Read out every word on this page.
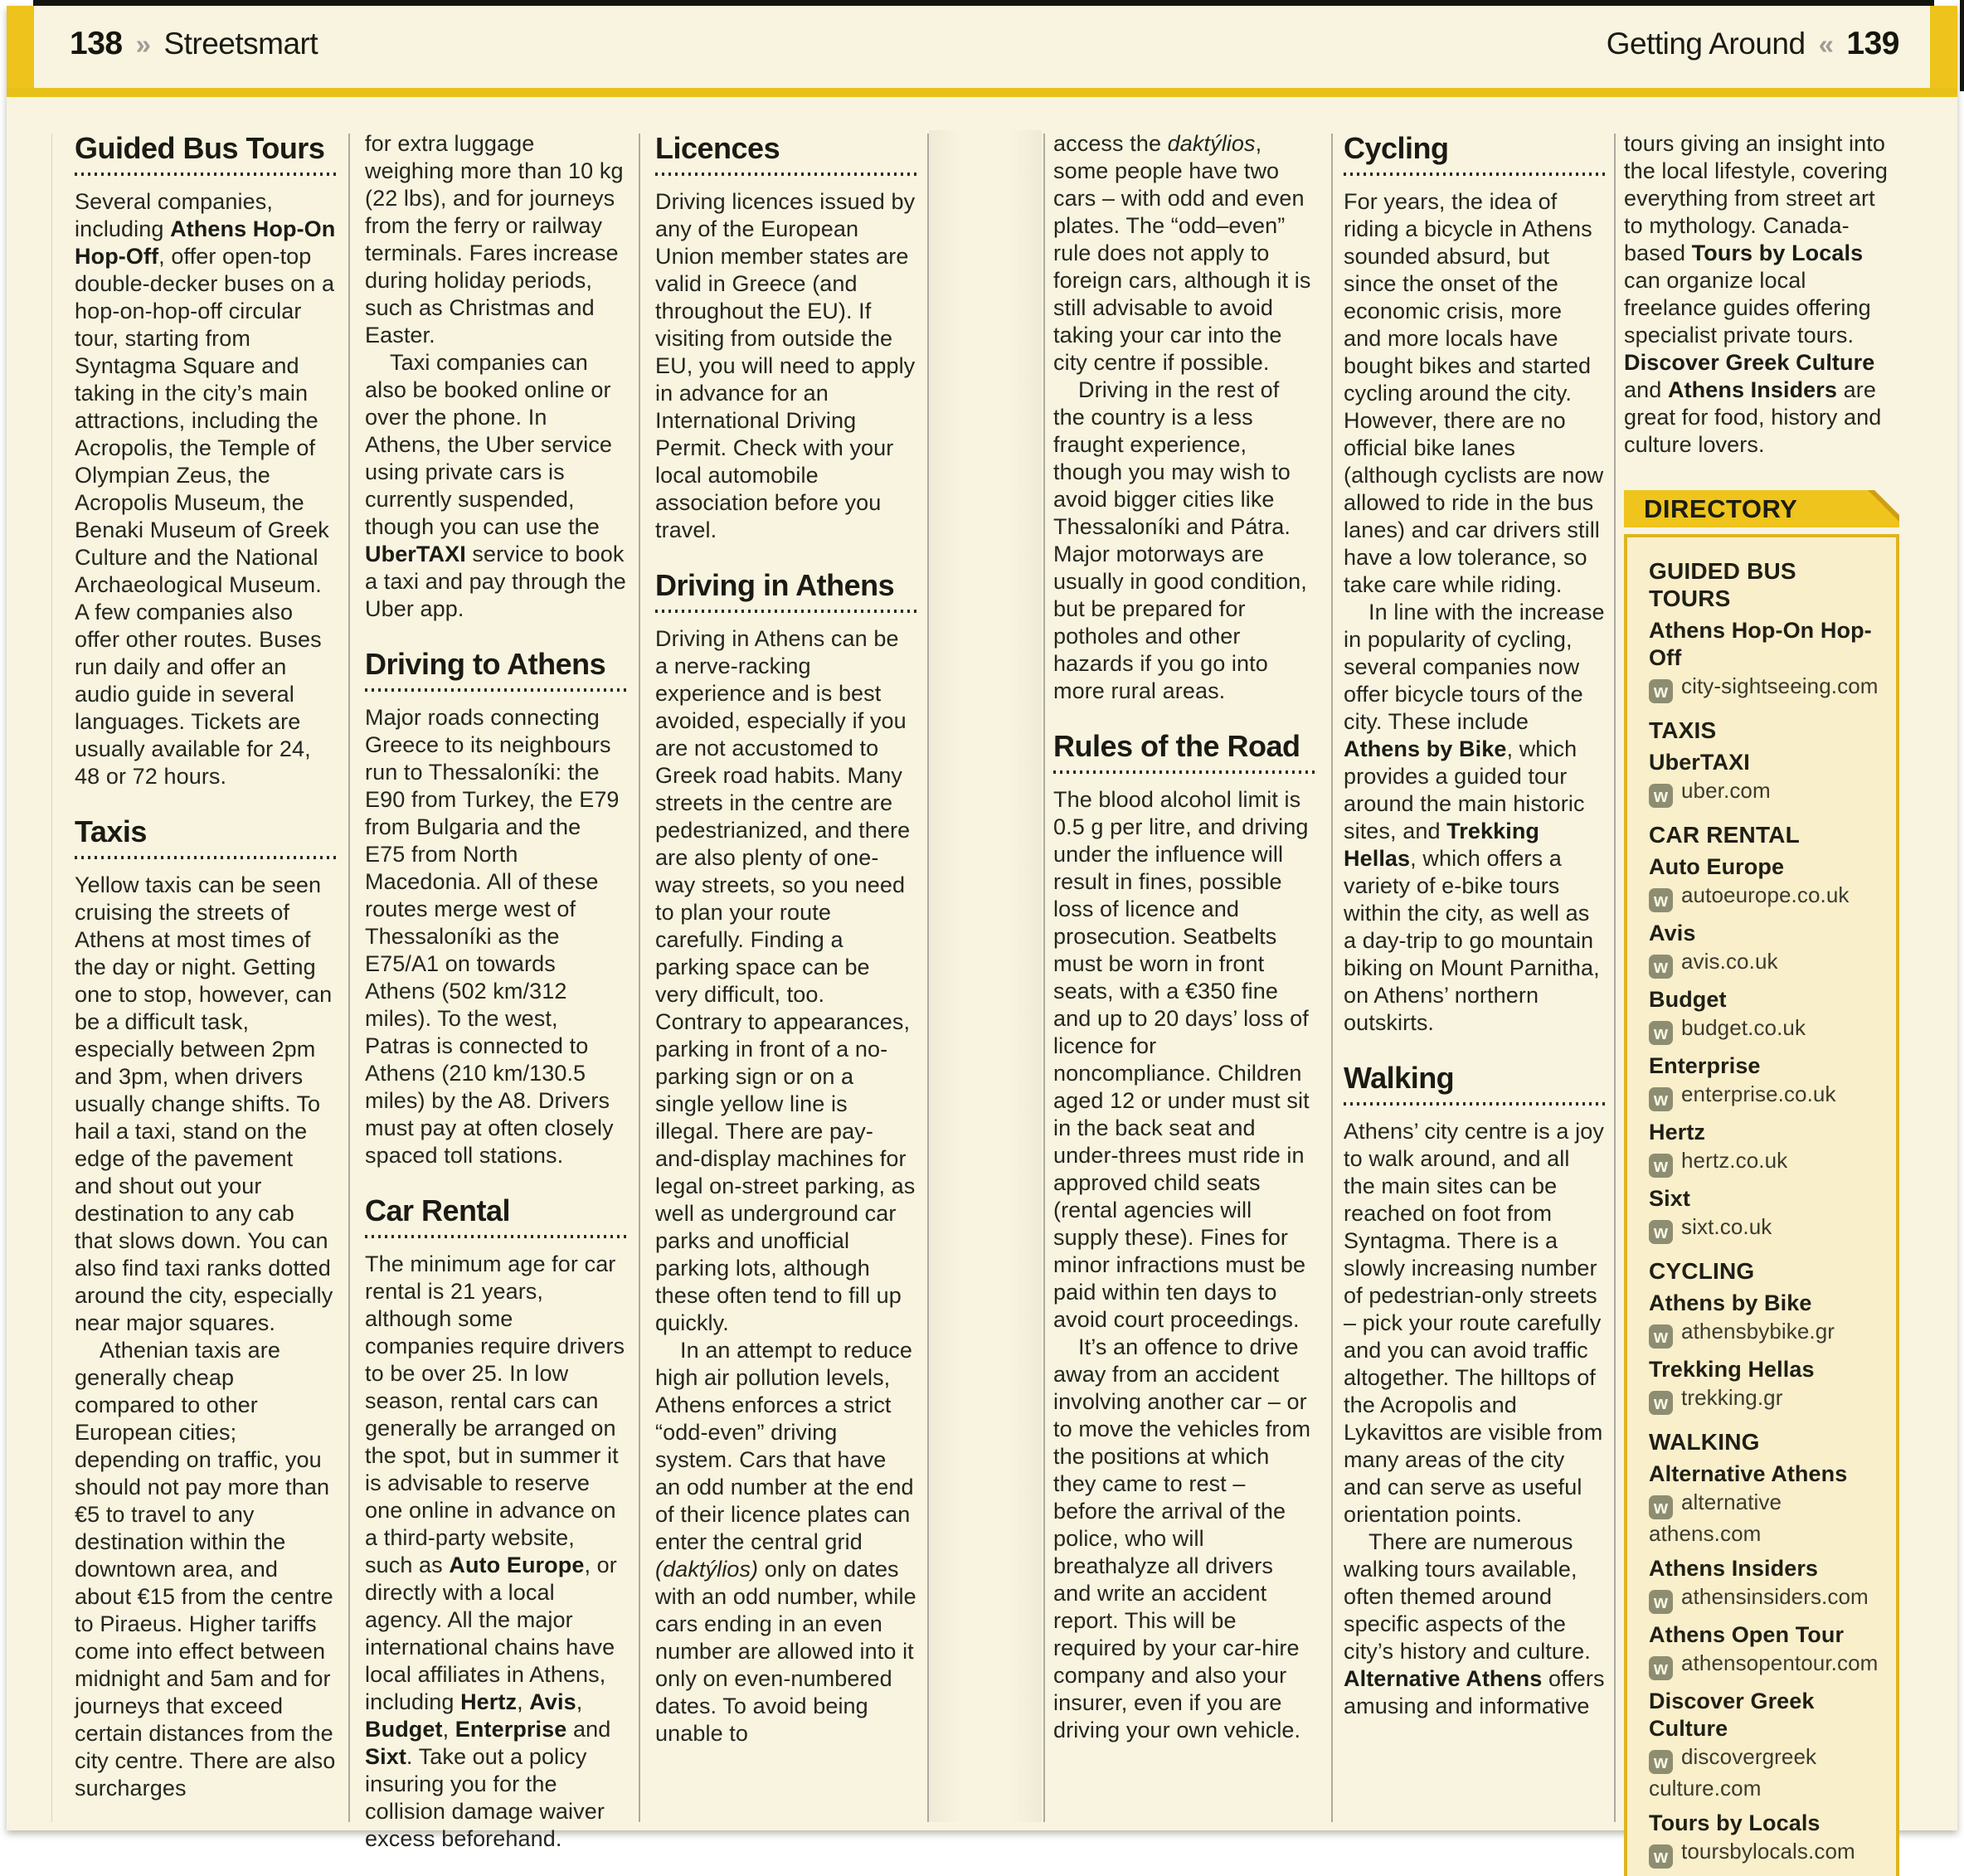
138 » Streetsmart	Getting Around « 139
Guided Bus Tours

Several companies, including Athens Hop-On Hop-Off, offer open-top double-decker buses on a hop-on-hop-off circular tour, starting from Syntagma Square and taking in the city’s main attractions, including the Acropolis, the Temple of Olympian Zeus, the Acropolis Museum, the Benaki Museum of Greek Culture and the National Archaeological Museum. A few companies also offer other routes. Buses run daily and offer an audio guide in several languages. Tickets are usually available for 24, 48 or 72 hours.

Taxis

Yellow taxis can be seen cruising the streets of Athens at most times of the day or night. Getting one to stop, however, can be a difficult task, especially between 2pm and 3pm, when drivers usually change shifts. To hail a taxi, stand on the edge of the pavement and shout out your destination to any cab that slows down. You can also find taxi ranks dotted around the city, especially near major squares.

Athenian taxis are generally cheap compared to other European cities; depending on traffic, you should not pay more than €5 to travel to any destination within the downtown area, and about €15 from the centre to Piraeus. Higher tariffs come into effect between midnight and 5am and for journeys that exceed certain distances from the city centre. There are also surcharges

for extra luggage weighing more than 10 kg (22 lbs), and for journeys from the ferry or railway terminals. Fares increase during holiday periods, such as Christmas and Easter.

Taxi companies can also be booked online or over the phone. In Athens, the Uber service using private cars is currently suspended, though you can use the UberTAXI service to book a taxi and pay through the Uber app.

Driving to Athens

Major roads connecting Greece to its neighbours run to Thessaloníki: the E90 from Turkey, the E79 from Bulgaria and the E75 from North Macedonia. All of these routes merge west of Thessaloníki as the E75/A1 on towards Athens (502 km/312 miles). To the west, Patras is connected to Athens (210 km/130.5 miles) by the A8. Drivers must pay at often closely spaced toll stations.

Car Rental

The minimum age for car rental is 21 years, although some companies require drivers to be over 25. In low season, rental cars can generally be arranged on the spot, but in summer it is advisable to reserve one online in advance on a third-party website, such as Auto Europe, or directly with a local agency. All the major international chains have local affiliates in Athens, including Hertz, Avis, Budget, Enterprise and Sixt. Take out a policy insuring you for the collision damage waiver excess beforehand.

Licences

Driving licences issued by any of the European Union member states are valid in Greece (and throughout the EU). If visiting from outside the EU, you will need to apply in advance for an International Driving Permit. Check with your local automobile association before you travel.

Driving in Athens

Driving in Athens can be a nerve-racking experience and is best avoided, especially if you are not accustomed to Greek road habits. Many streets in the centre are pedestrianized, and there are also plenty of one-way streets, so you need to plan your route carefully. Finding a parking space can be very difficult, too. Contrary to appearances, parking in front of a no-parking sign or on a single yellow line is illegal. There are pay-and-display machines for legal on-street parking, as well as underground car parks and unofficial parking lots, although these often tend to fill up quickly.

In an attempt to reduce high air pollution levels, Athens enforces a strict “odd-even” driving system. Cars that have an odd number at the end of their licence plates can enter the central grid (daktýlios) only on dates with an odd number, while cars ending in an even number are allowed into it only on even-numbered dates. To avoid being unable to

access the daktýlios, some people have two cars – with odd and even plates. The “odd–even” rule does not apply to foreign cars, although it is still advisable to avoid taking your car into the city centre if possible.

Driving in the rest of the country is a less fraught experience, though you may wish to avoid bigger cities like Thessaloníki and Pátra. Major motorways are usually in good condition, but be prepared for potholes and other hazards if you go into more rural areas.

Rules of the Road

The blood alcohol limit is 0.5 g per litre, and driving under the influence will result in fines, possible loss of licence and prosecution. Seatbelts must be worn in front seats, with a €350 fine and up to 20 days’ loss of licence for noncompliance. Children aged 12 or under must sit in the back seat and under-threes must ride in approved child seats (rental agencies will supply these). Fines for minor infractions must be paid within ten days to avoid court proceedings.

It’s an offence to drive away from an accident involving another car – or to move the vehicles from the positions at which they came to rest – before the arrival of the police, who will breathalyze all drivers and write an accident report. This will be required by your car-hire company and also your insurer, even if you are driving your own vehicle.

Cycling

For years, the idea of riding a bicycle in Athens sounded absurd, but since the onset of the economic crisis, more and more locals have bought bikes and started cycling around the city. However, there are no official bike lanes (although cyclists are now allowed to ride in the bus lanes) and car drivers still have a low tolerance, so take care while riding.

In line with the increase in popularity of cycling, several companies now offer bicycle tours of the city. These include Athens by Bike, which provides a guided tour around the main historic sites, and Trekking Hellas, which offers a variety of e-bike tours within the city, as well as a day-trip to go mountain biking on Mount Parnitha, on Athens’ northern outskirts.

Walking

Athens’ city centre is a joy to walk around, and all the main sites can be reached on foot from Syntagma. There is a slowly increasing number of pedestrian-only streets – pick your route carefully and you can avoid traffic altogether. The hilltops of the Acropolis and Lykavittos are visible from many areas of the city and can serve as useful orientation points.

There are numerous walking tours available, often themed around specific aspects of the city’s history and culture. Alternative Athens offers amusing and informative

tours giving an insight into the local lifestyle, covering everything from street art to mythology. Canada-based Tours by Locals can organize local freelance guides offering specialist private tours. Discover Greek Culture and Athens Insiders are great for food, history and culture lovers.

DIRECTORY
GUIDED BUS TOURS
Athens Hop-On Hop-Off
w city-sightseeing.com
TAXIS
UberTAXI
w uber.com
CAR RENTAL
Auto Europe
w autoeurope.co.uk
Avis
w avis.co.uk
Budget
w budget.co.uk
Enterprise
w enterprise.co.uk
Hertz
w hertz.co.uk
Sixt
w sixt.co.uk
CYCLING
Athens by Bike
w athensbybike.gr
Trekking Hellas
w trekking.gr
WALKING
Alternative Athens
w alternative​athens.com
Athens Insiders
w athensinsiders.com
Athens Open Tour
w athensopentour.com
Discover Greek Culture
w discovergreek​culture.com
Tours by Locals
w toursbylocals.com
